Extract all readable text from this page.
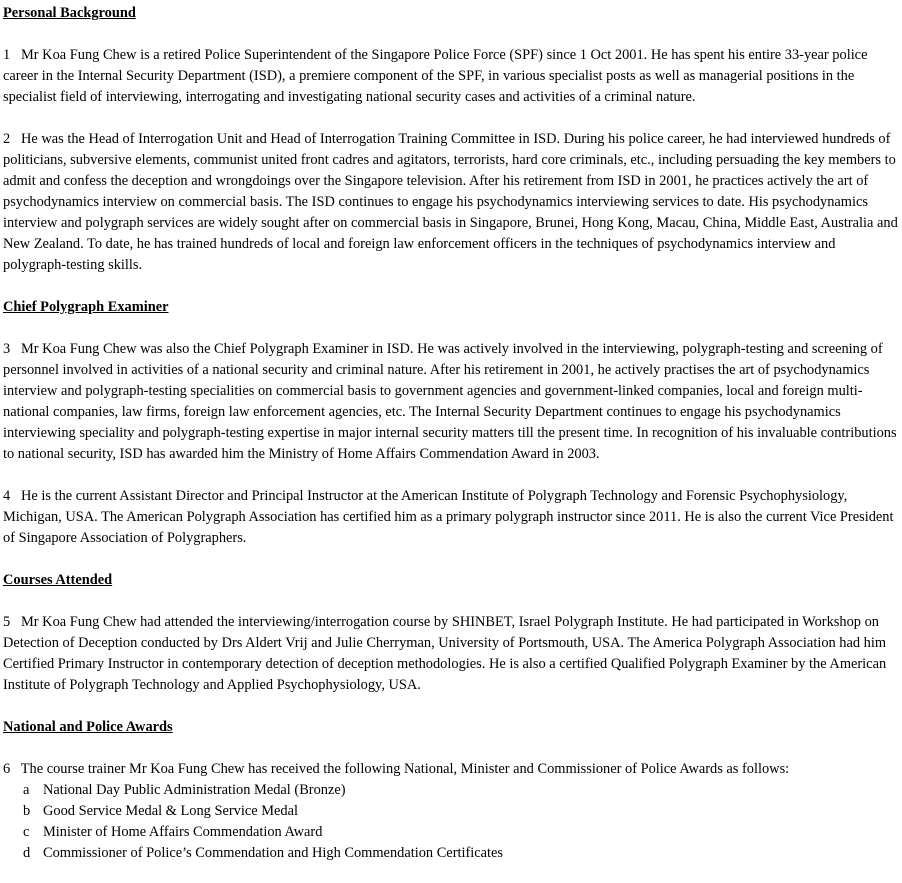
Personal Background

1 Mr Koa Fung Chew is a retired Police Superintendent of the Singapore Police Force (SPF) since 1 Oct 2001. He has spent his entire 33-year police career in the Internal Security Department (ISD), a premiere component of the SPF, in various specialist posts as well as managerial positions in the specialist field of interviewing, interrogating and investigating national security cases and activities of a criminal nature.

2 He was the Head of Interrogation Unit and Head of Interrogation Training Committee in ISD. During his police career, he had interviewed hundreds of politicians, subversive elements, communist united front cadres and agitators, terrorists, hard core criminals, etc., including persuading the key members to admit and confess the deception and wrongdoings over the Singapore television. After his retirement from ISD in 2001, he practices actively the art of psychodynamics interview on commercial basis. The ISD continues to engage his psychodynamics interviewing services to date. His psychodynamics interview and polygraph services are widely sought after on commercial basis in Singapore, Brunei, Hong Kong, Macau, China, Middle East, Australia and New Zealand. To date, he has trained hundreds of local and foreign law enforcement officers in the techniques of psychodynamics interview and polygraph-testing skills.

Chief Polygraph Examiner

3 Mr Koa Fung Chew was also the Chief Polygraph Examiner in ISD. He was actively involved in the interviewing, polygraph-testing and screening of personnel involved in activities of a national security and criminal nature. After his retirement in 2001, he actively practises the art of psychodynamics interview and polygraph-testing specialities on commercial basis to government agencies and government-linked companies, local and foreign multi-national companies, law firms, foreign law enforcement agencies, etc. The Internal Security Department continues to engage his psychodynamics interviewing speciality and polygraph-testing expertise in major internal security matters till the present time. In recognition of his invaluable contributions to national security, ISD has awarded him the Ministry of Home Affairs Commendation Award in 2003.

4 He is the current Assistant Director and Principal Instructor at the American Institute of Polygraph Technology and Forensic Psychophysiology, Michigan, USA. The American Polygraph Association has certified him as a primary polygraph instructor since 2011. He is also the current Vice President of Singapore Association of Polygraphers.

Courses Attended

5 Mr Koa Fung Chew had attended the interviewing/interrogation course by SHINBET, Israel Polygraph Institute. He had participated in Workshop on Detection of Deception conducted by Drs Aldert Vrij and Julie Cherryman, University of Portsmouth, USA. The America Polygraph Association had him Certified Primary Instructor in contemporary detection of deception methodologies. He is also a certified Qualified Polygraph Examiner by the American Institute of Polygraph Technology and Applied Psychophysiology, USA.

National and Police Awards

6 The course trainer Mr Koa Fung Chew has received the following National, Minister and Commissioner of Police Awards as follows:

a National Day Public Administration Medal (Bronze)
b Good Service Medal & Long Service Medal
c Minister of Home Affairs Commendation Award
d Commissioner of Police’s Commendation and High Commendation Certificates
